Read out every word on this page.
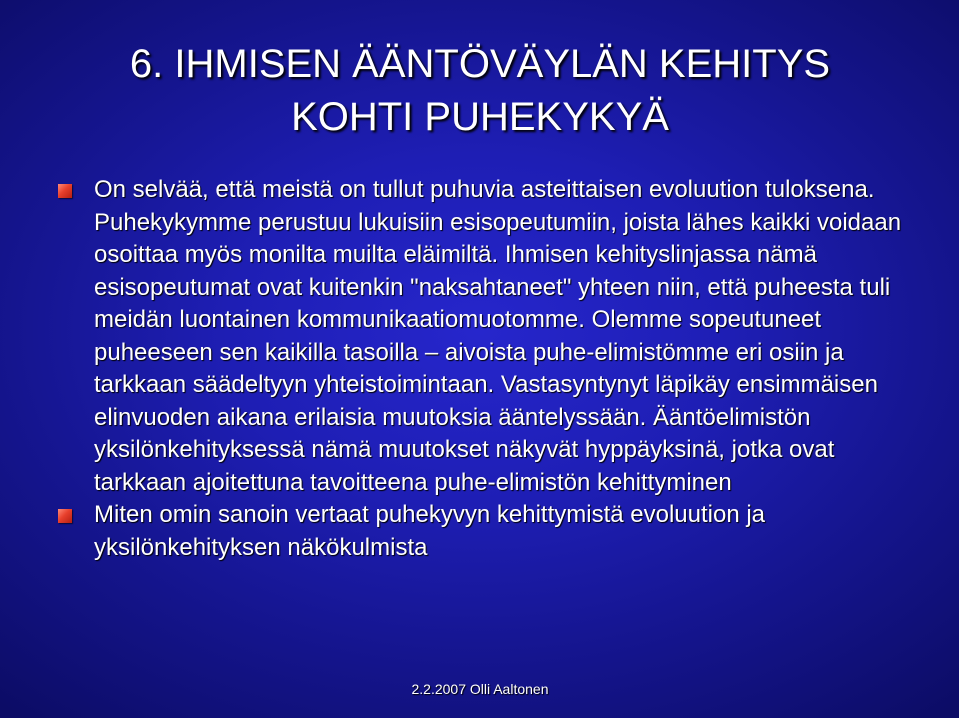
6. IHMISEN ÄÄNTÖVÄYLÄN KEHITYS
KOHTI PUHEKYKYÄ
On selvää, että meistä on tullut puhuvia asteittaisen evoluution tuloksena. Puhekykymme perustuu lukuisiin esisopeutumiin, joista lähes kaikki voidaan osoittaa myös monilta muilta eläimiltä. Ihmisen kehityslinjassa nämä esisopeutumat ovat kuitenkin "naksahtaneet" yhteen niin, että puheesta tuli meidän luontainen kommunikaatiomuotomme. Olemme sopeutuneet puheeseen sen kaikilla tasoilla – aivoista puhe-elimistömme eri osiin ja tarkkaan säädeltyyn yhteistoimintaan. Vastasyntynyt läpikäy ensimmäisen elinvuoden aikana erilaisia muutoksia ääntelyssään. Ääntöelimistön yksilönkehityksessä nämä muutokset näkyvät hyppäyksinä, jotka ovat tarkkaan ajoitettuna tavoitteena puhe-elimistön kehittyminen
Miten omin sanoin vertaat puhekyvyn kehittymistä evoluution ja yksilönkehityksen näkökulmista
2.2.2007 Olli Aaltonen
